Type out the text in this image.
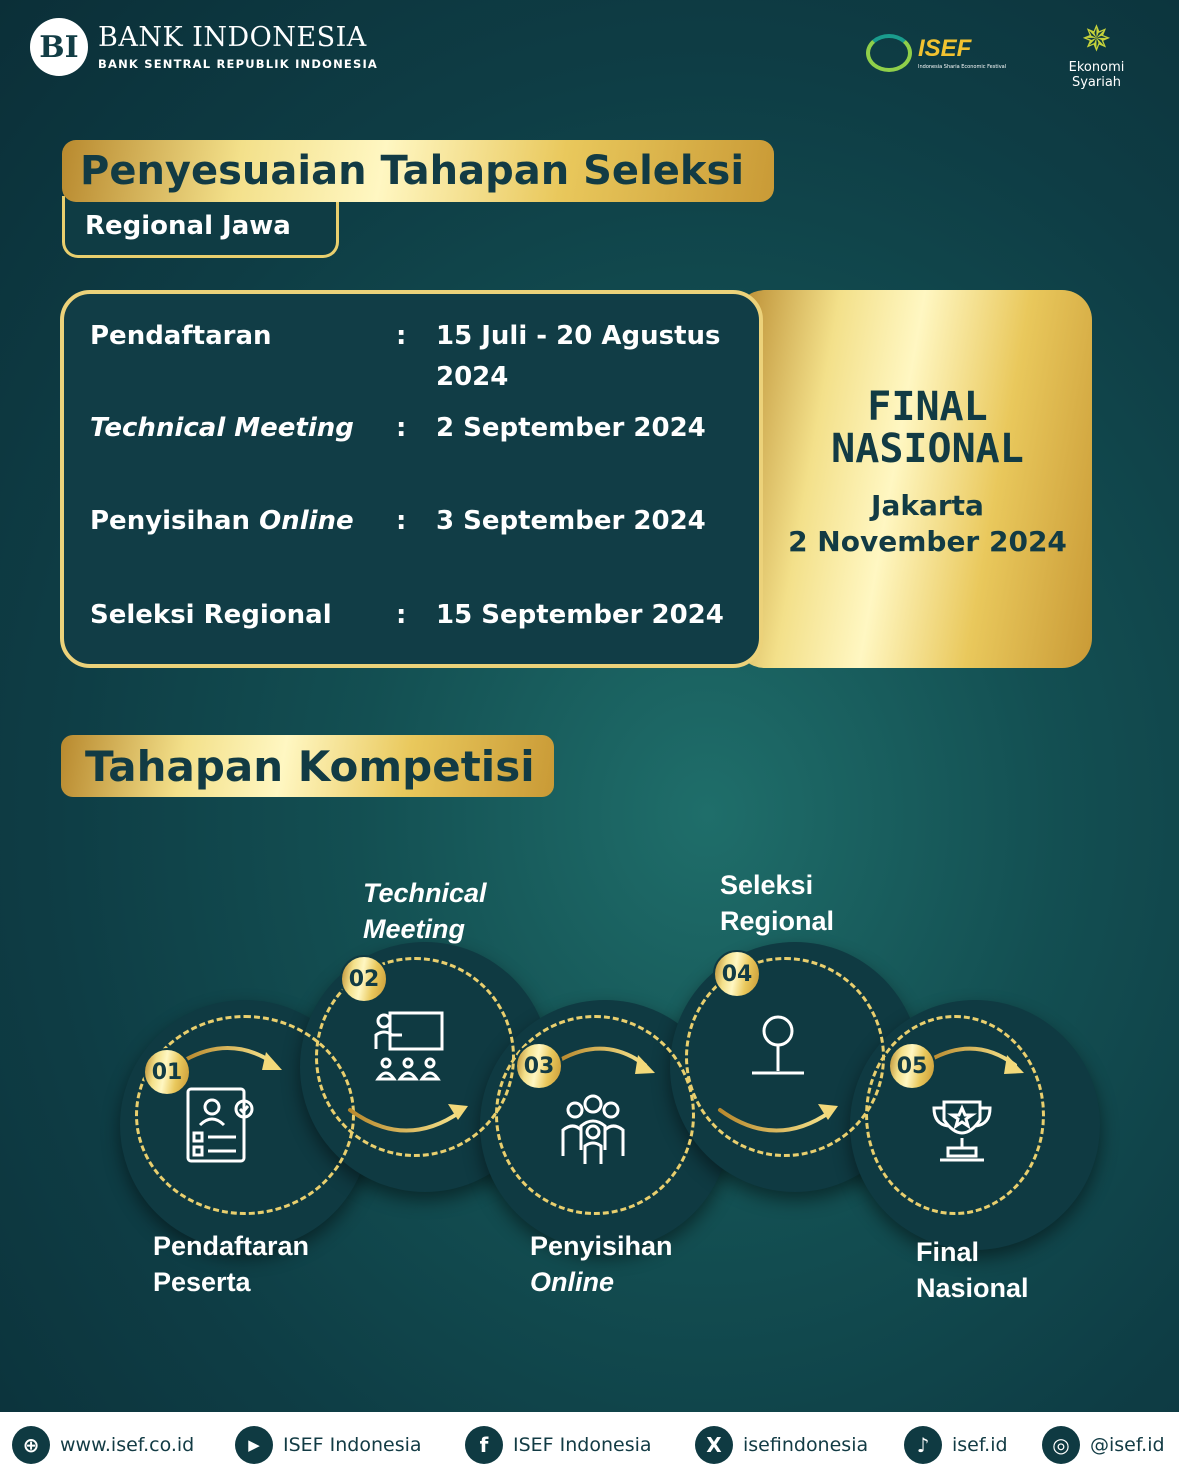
BI BANK INDONESIA
BANK SENTRAL REPUBLIK INDONESIA
ISEF
Indonesia Sharia Economic Festival
✵
Ekonomi Syariah
Regional Jawa
Penyesuaian Tahapan Seleksi
FINAL
NASIONAL
Jakarta
2 November 2024
Pendaftaran	: 15 Juli - 20 Agustus 2024
Technical Meeting	: 2 September 2024
Penyisihan Online	: 3 September 2024
Seleksi Regional	: 15 September 2024
Tahapan Kompetisi
01
02
03
04
05
Pendaftaran
Peserta
Technical
Meeting
Penyisihan
Online
Seleksi
Regional
Final
Nasional
⊕	www.isef.co.id	▶	ISEF Indonesia	f	ISEF Indonesia	X	isefindonesia	♪	isef.id	◎	@isef.id
